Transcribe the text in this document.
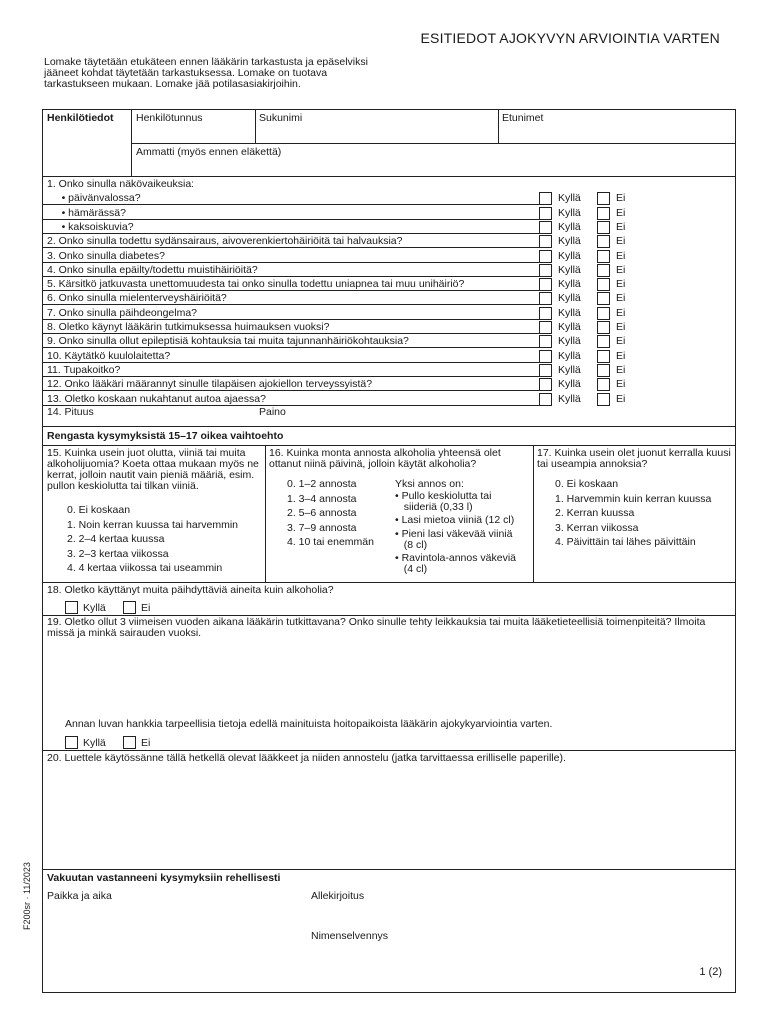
ESITIEDOT AJOKYVYN ARVIOINTIA VARTEN
Lomake täytetään etukäteen ennen lääkärin tarkastusta ja epäselviksi jääneet kohdat täytetään tarkastuksessa. Lomake on tuotava tarkastukseen mukaan. Lomake jää potilasasiakirjoihin.
Henkilötiedot Henkilötunnus	Sukunimi	Etunimet
Ammatti (myös ennen eläkettä)
14. Pituus	Paino
Rengasta kysymyksistä 15–17 oikea vaihtoehto
15. Kuinka usein juot olutta, viiniä tai muita alkoholijuomia? Koeta ottaa mukaan myös ne kerrat, jolloin nautit vain pieniä määriä, esim. pullon keskiolutta tai tilkan viiniä.
16. Kuinka monta annosta alkoholia yhteensä olet ottanut niinä päivinä, jolloin käytät alkoholia?
Yksi annos on:
17. Kuinka usein olet juonut kerralla kuusi tai useampia annoksia?
18. Oletko käyttänyt muita päihdyttäviä aineita kuin alkoholia?
Kyllä	Ei
19. Oletko ollut 3 viimeisen vuoden aikana lääkärin tutkittavana? Onko sinulle tehty leikkauksia tai muita lääketieteellisiä toimenpiteitä? Ilmoita missä ja minkä sairauden vuoksi.
Annan luvan hankkia tarpeellisia tietoja edellä mainituista hoitopaikoista lääkärin ajokykyarviointia varten.
Kyllä	Ei
20. Luettele käytössänne tällä hetkellä olevat lääkkeet ja niiden annostelu (jatka tarvittaessa erilliselle paperille).
Vakuutan vastanneeni kysymyksiin rehellisesti
Paikka ja aika	Allekirjoitus
Nimenselvennys
1. Onko sinulla näkövaikeuksia:
• päivänvalossa?	Kyllä	Ei
• hämärässä?	Kyllä	Ei
• kaksoiskuvia?	Kyllä	Ei
2. Onko sinulla todettu sydänsairaus, aivoverenkiertohäiriöitä tai halvauksia?	Kyllä	Ei
3. Onko sinulla diabetes?	Kyllä	Ei
4. Onko sinulla epäilty/todettu muistihäiriöitä?	Kyllä	Ei
5. Kärsitkö jatkuvasta unettomuudesta tai onko sinulla todettu uniapnea tai muu unihäiriö?	Kyllä	Ei
6. Onko sinulla mielenterveyshäiriöitä?	Kyllä	Ei
7. Onko sinulla päihdeongelma?	Kyllä	Ei
8. Oletko käynyt lääkärin tutkimuksessa huimauksen vuoksi?	Kyllä	Ei
9. Onko sinulla ollut epileptisiä kohtauksia tai muita tajunnanhäiriökohtauksia?	Kyllä	Ei
10. Käytätkö kuulolaitetta?	Kyllä	Ei
11. Tupakoitko?	Kyllä	Ei
12. Onko lääkäri määrannyt sinulle tilapäisen ajokiellon terveyssyistä?	Kyllä	Ei
13. Oletko koskaan nukahtanut autoa ajaessa?	Kyllä	Ei
0. Ei koskaan
1. Noin kerran kuussa tai harvemmin
2. 2–4 kertaa kuussa
3. 2–3 kertaa viikossa
4. 4 kertaa viikossa tai useammin
0. 1–2 annosta
1. 3–4 annosta
2. 5–6 annosta
3. 7–9 annosta
4. 10 tai enemmän
0. Ei koskaan
1. Harvemmin kuin kerran kuussa
2. Kerran kuussa
3. Kerran viikossa
4. Päivittäin tai lähes päivittäin
• Pullo keskiolutta tai
siideriä (0,33 l)
• Lasi mietoa viiniä (12 cl)
• Pieni lasi väkevää viiniä
(8 cl)
• Ravintola-annos väkeviä
(4 cl)
F200sr · 11/2023
1 (2)
